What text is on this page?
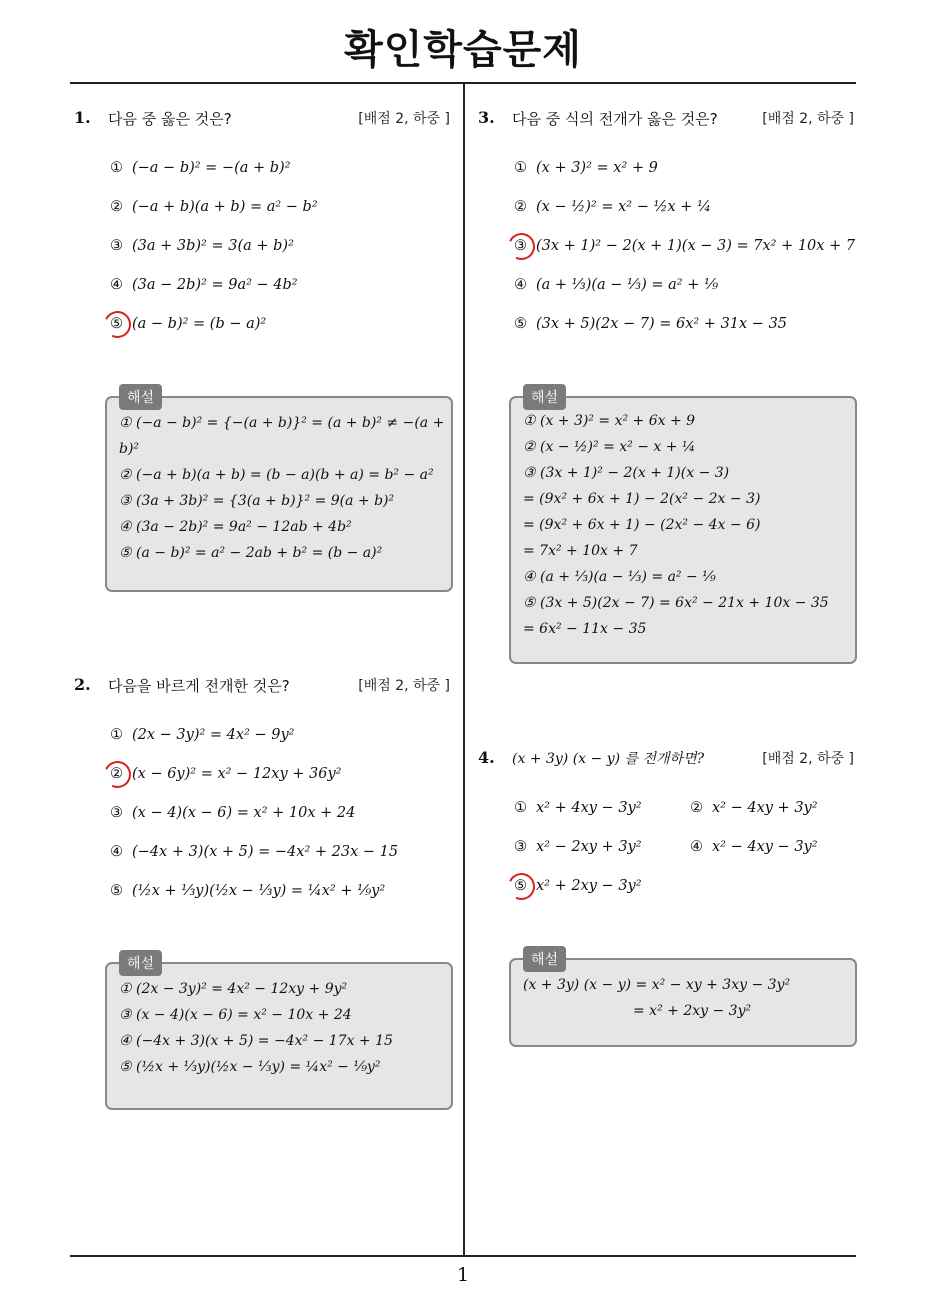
확인학습문제
1
1. 다음 중 옳은 것은?	[배점 2, 하중 ]
① (−a − b)² = −(a + b)²
② (−a + b)(a + b) = a² − b²
③ (3a + 3b)² = 3(a + b)²
④ (3a − 2b)² = 9a² − 4b²
⑤ (a − b)² = (b − a)²
해설
① (−a − b)² = {−(a + b)}² = (a + b)² ≠ −(a +
b)²
② (−a + b)(a + b) = (b − a)(b + a) = b² − a²
③ (3a + 3b)² = {3(a + b)}² = 9(a + b)²
④ (3a − 2b)² = 9a² − 12ab + 4b²
⑤ (a − b)² = a² − 2ab + b² = (b − a)²
2. 다음을 바르게 전개한 것은?	[배점 2, 하중 ]
① (2x − 3y)² = 4x² − 9y²
② (x − 6y)² = x² − 12xy + 36y²
③ (x − 4)(x − 6) = x² + 10x + 24
④ (−4x + 3)(x + 5) = −4x² + 23x − 15
⑤ (½x + ⅓y)(½x − ⅓y) = ¼x² + ⅑y²
해설
① (2x − 3y)² = 4x² − 12xy + 9y²
③ (x − 4)(x − 6) = x² − 10x + 24
④ (−4x + 3)(x + 5) = −4x² − 17x + 15
⑤ (½x + ⅓y)(½x − ⅓y) = ¼x² − ⅑y²
3. 다음 중 식의 전개가 옳은 것은?	[배점 2, 하중 ]
① (x + 3)² = x² + 9
② (x − ½)² = x² − ½x + ¼
③ (3x + 1)² − 2(x + 1)(x − 3) = 7x² + 10x + 7
④ (a + ⅓)(a − ⅓) = a² + ⅑
⑤ (3x + 5)(2x − 7) = 6x² + 31x − 35
해설
① (x + 3)² = x² + 6x + 9
② (x − ½)² = x² − x + ¼
③ (3x + 1)² − 2(x + 1)(x − 3)
= (9x² + 6x + 1) − 2(x² − 2x − 3)
= (9x² + 6x + 1) − (2x² − 4x − 6)
= 7x² + 10x + 7
④ (a + ⅓)(a − ⅓) = a² − ⅑
⑤ (3x + 5)(2x − 7) = 6x² − 21x + 10x − 35
= 6x² − 11x − 35
4. (x + 3y) (x − y) 를 전개하면?	[배점 2, 하중 ]
① x² + 4xy − 3y²	② x² − 4xy + 3y²
③ x² − 2xy + 3y²	④ x² − 4xy − 3y²
⑤ x² + 2xy − 3y²
해설
(x + 3y) (x − y) = x² − xy + 3xy − 3y²
= x² + 2xy − 3y²
